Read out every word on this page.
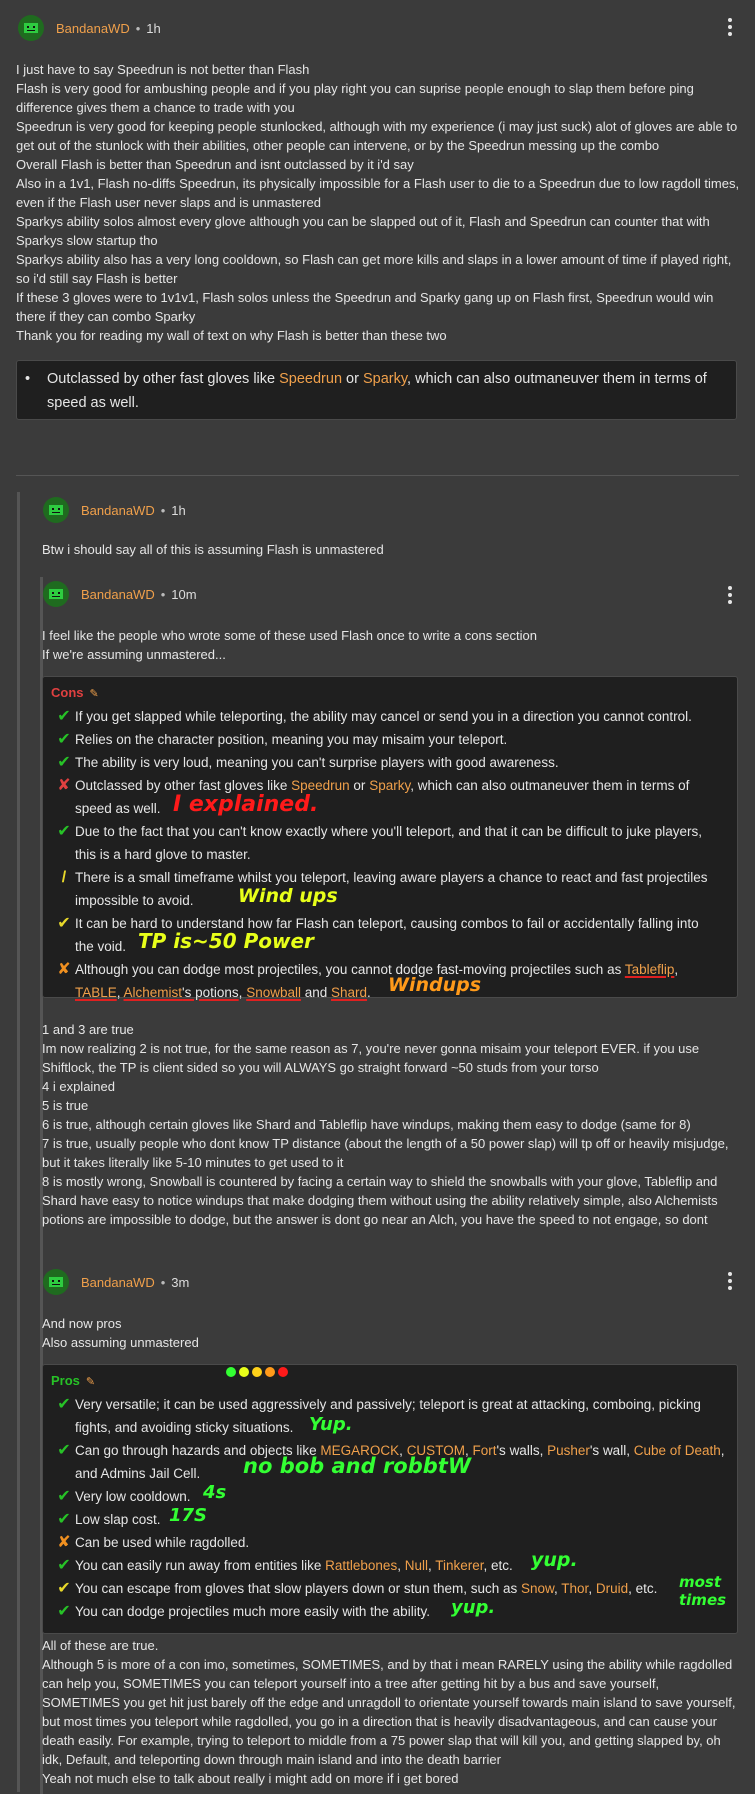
BandanaWD • 1h

I just have to say Speedrun is not better than Flash

Flash is very good for ambushing people and if you play right you can suprise people enough to slap them before ping difference gives them a chance to trade with you

Speedrun is very good for keeping people stunlocked, although with my experience (i may just suck) alot of gloves are able to get out of the stunlock with their abilities, other people can intervene, or by the Speedrun messing up the combo

Overall Flash is better than Speedrun and isnt outclassed by it i'd say

Also in a 1v1, Flash no-diffs Speedrun, its physically impossible for a Flash user to die to a Speedrun due to low ragdoll times, even if the Flash user never slaps and is unmastered

Sparkys ability solos almost every glove although you can be slapped out of it, Flash and Speedrun can counter that with Sparkys slow startup tho

Sparkys ability also has a very long cooldown, so Flash can get more kills and slaps in a lower amount of time if played right, so i'd still say Flash is better

If these 3 gloves were to 1v1v1, Flash solos unless the Speedrun and Sparky gang up on Flash first, Speedrun would win there if they can combo Sparky

Thank you for reading my wall of text on why Flash is better than these two

•	Outclassed by other fast gloves like Speedrun or Sparky, which can also outmaneuver them in terms of speed as well.
BandanaWD • 1h

Btw i should say all of this is assuming Flash is unmastered

BandanaWD • 10m

I feel like the people who wrote some of these used Flash once to write a cons section

If we're assuming unmastered...

Cons ✎
✔ If you get slapped while teleporting, the ability may cancel or send you in a direction you cannot control.
✔ Relies on the character position, meaning you may misaim your teleport.
✔ The ability is very loud, meaning you can't surprise players with good awareness.
✘ Outclassed by other fast gloves like Speedrun or Sparky, which can also outmaneuver them in terms of
speed as well. I explained.
✔ Due to the fact that you can't know exactly where you'll teleport, and that it can be difficult to juke players,
this is a hard glove to master.
/ There is a small timeframe whilst you teleport, leaving aware players a chance to react and fast projectiles
impossible to avoid.	Wind ups
✔ It can be hard to understand how far Flash can teleport, causing combos to fail or accidentally falling into
the void. TP is~50 Power
✘ Although you can dodge most projectiles, you cannot dodge fast-moving projectiles such as Tableflip,
TABLE, Alchemist's potions, Snowball and Shard. Windups

1 and 3 are true

Im now realizing 2 is not true, for the same reason as 7, you're never gonna misaim your teleport EVER. if you use Shiftlock, the TP is client sided so you will ALWAYS go straight forward ~50 studs from your torso

4 i explained

5 is true

6 is true, although certain gloves like Shard and Tableflip have windups, making them easy to dodge (same for 8)

7 is true, usually people who dont know TP distance (about the length of a 50 power slap) will tp off or heavily misjudge, but it takes literally like 5-10 minutes to get used to it

8 is mostly wrong, Snowball is countered by facing a certain way to shield the snowballs with your glove, Tableflip and Shard have easy to notice windups that make dodging them without using the ability relatively simple, also Alchemists potions are impossible to dodge, but the answer is dont go near an Alch, you have the speed to not engage, so dont

BandanaWD • 3m

And now pros

Also assuming unmastered

Pros ✎
✔ Very versatile; it can be used aggressively and passively; teleport is great at attacking, comboing, picking
fights, and avoiding sticky situations. Yup.
✔ Can go through hazards and objects like MEGAROCK, CUSTOM, Fort's walls, Pusher's wall, Cube of Death,
and Admins Jail Cell.	no bob and robbtW
✔ Very low cooldown. 4s
✔ Low slap cost. 17S
✘ Can be used while ragdolled.
✔ You can easily run away from entities like Rattlebones, Null, Tinkerer, etc. yup.
✔ You can escape from gloves that slow players down or stun them, such as Snow, Thor, Druid, etc. most
times
✔ You can dodge projectiles much more easily with the ability. yup.

All of these are true.

Although 5 is more of a con imo, sometimes, SOMETIMES, and by that i mean RARELY using the ability while ragdolled can help you, SOMETIMES you can teleport yourself into a tree after getting hit by a bus and save yourself, SOMETIMES you get hit just barely off the edge and unragdoll to orientate yourself towards main island to save yourself, but most times you teleport while ragdolled, you go in a direction that is heavily disadvantageous, and can cause your death easily. For example, trying to teleport to middle from a 75 power slap that will kill you, and getting slapped by, oh idk, Default, and teleporting down through main island and into the death barrier

Yeah not much else to talk about really i might add on more if i get bored
